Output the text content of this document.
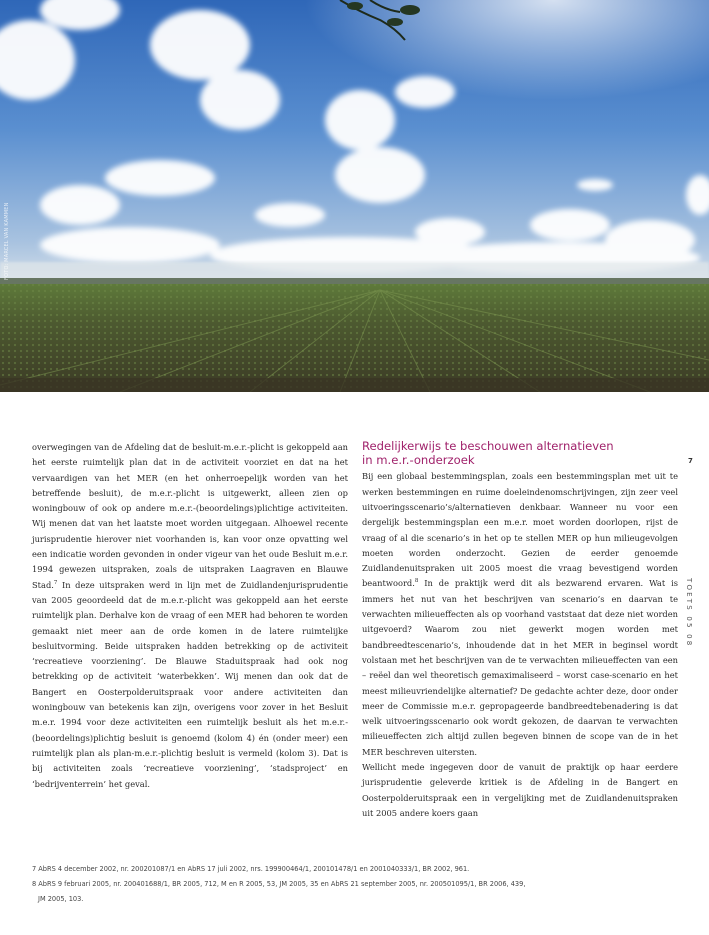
FOTO: MARCEL VAN KAMMEN

overwegingen van de Afdeling dat de besluit-m.e.r.-plicht is gekoppeld aan het eerste ruimtelijk plan dat in de activiteit voorziet en dat na het vervaardigen van het MER (en het onherroepelijk worden van het betreffende besluit), de m.e.r.-plicht is uitgewerkt, alleen zien op woningbouw of ook op andere m.e.r.-(beoordelings)plichtige activiteiten. Wij menen dat van het laatste moet worden uitgegaan. Alhoewel recente jurisprudentie hierover niet voorhanden is, kan voor onze opvatting wel een indicatie worden gevonden in onder vigeur van het oude Besluit m.e.r. 1994 gewezen uitspraken, zoals de uitspraken Laagraven en Blauwe Stad.$^7$ In deze uitspraken werd in lijn met de Zuidlandenjurisprudentie van 2005 geoordeeld dat de m.e.r.-plicht was gekoppeld aan het eerste ruimtelijk plan. Derhalve kon de vraag of een MER had behoren te worden gemaakt niet meer aan de orde komen in de latere ruimtelijke besluitvorming. Beide uitspraken hadden betrekking op de activiteit ‘recreatieve voorziening’. De Blauwe Staduitspraak had ook nog betrekking op de activiteit ‘waterbekken’. Wij menen dan ook dat de Bangert en Oosterpolderuitspraak voor andere activiteiten dan woningbouw van betekenis kan zijn, overigens voor zover in het Besluit m.e.r. 1994 voor deze activiteiten een ruimtelijk besluit als het m.e.r.-(beoordelings)plichtig besluit is genoemd (kolom 4) én (onder meer) een ruimtelijk plan als plan-m.e.r.-plichtig besluit is vermeld (kolom 3). Dat is bij activiteiten zoals ‘recreatieve voorziening’, ‘stadsproject’ en ‘bedrijventerrein’ het geval.

Redelijkerwijs te beschouwen alternatieven
in m.e.r.-onderzoek

Bij een globaal bestemmingsplan, zoals een bestemmingsplan met uit te werken bestemmingen en ruime doeleindenomschrijvingen, zijn zeer veel uitvoeringsscenario’s/alternatieven denkbaar. Wanneer nu voor een dergelijk bestemmingsplan een m.e.r. moet worden doorlopen, rijst de vraag of al die scenario’s in het op te stellen MER op hun milieugevolgen moeten worden onderzocht. Gezien de eerder genoemde Zuidlandenuitspraken uit 2005 moest die vraag bevestigend worden beantwoord.$^8$ In de praktijk werd dit als bezwarend ervaren. Wat is immers het nut van het beschrijven van scenario’s en daarvan te verwachten milieueffecten als op voorhand vaststaat dat deze niet worden uitgevoerd? Waarom zou niet gewerkt mogen worden met bandbreedtescenario’s, inhoudende dat in het MER in beginsel wordt volstaan met het beschrijven van de te verwachten milieueffecten van een – reëel dan wel theoretisch gemaximaliseerd – worst case-scenario en het meest milieuvriendelijke alternatief? De gedachte achter deze, door onder meer de Commissie m.e.r. gepropageerde bandbreedtebenadering is dat welk uitvoeringsscenario ook wordt gekozen, de daarvan te verwachten milieueffecten zich altijd zullen begeven binnen de scope van de in het MER beschreven uitersten.

Wellicht mede ingegeven door de vanuit de praktijk op haar eerdere jurisprudentie geleverde kritiek is de Afdeling in de Bangert en Oosterpolderuitspraak een in vergelijking met de Zuidlandenuitspraken uit 2005 andere koers gaan

7
TOETS 05 08

7 AbRS 4 december 2002, nr. 200201087/1 en AbRS 17 juli 2002, nrs. 199900464/1, 200101478/1 en 2001040333/1, BR 2002, 961.

8 AbRS 9 februari 2005, nr. 200401688/1, BR 2005, 712, M en R 2005, 53, JM 2005, 35 en AbRS 21 september 2005, nr. 200501095/1, BR 2006, 439,

JM 2005, 103.
